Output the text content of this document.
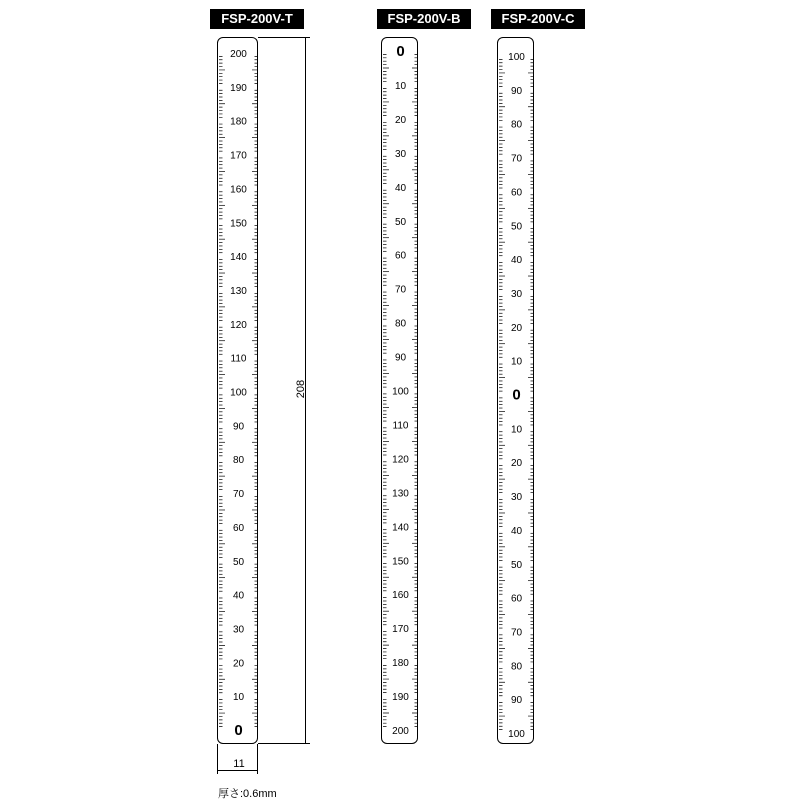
FSP-200V-T	FSP-200V-B	FSP-200V-C
200
190
180
170
160
150
140
130
120
110
100
90
80
70
60
50
40
30
20
10
0
0
10
20
30
40
50
60
70
80
90
100
110
120
130
140
150
160
170
180
190
200
100
90
80
70
60
50
40
30
20
10
0
10
20
30
40
50
60
70
80
90
100
208
11
厚さ:0.6mm
